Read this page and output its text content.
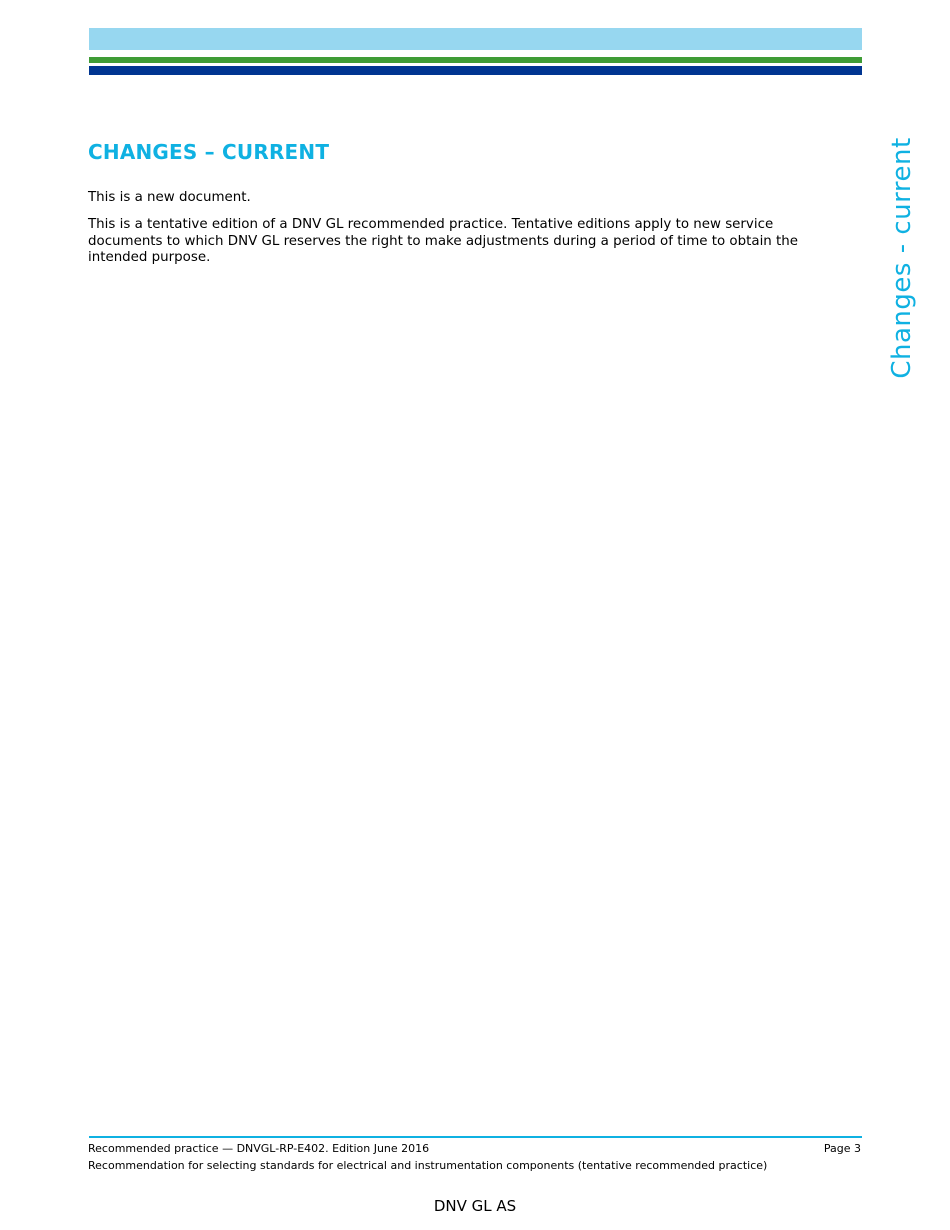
CHANGES – CURRENT

This is a new document.

This is a tentative edition of a DNV GL recommended practice. Tentative editions apply to new service documents to which DNV GL reserves the right to make adjustments during a period of time to obtain the intended purpose.	Changes - current

Recommended practice — DNVGL-RP-E402. Edition June 2016	Page 3

Recommendation for selecting standards for electrical and instrumentation components (tentative recommended practice)

DNV GL AS
